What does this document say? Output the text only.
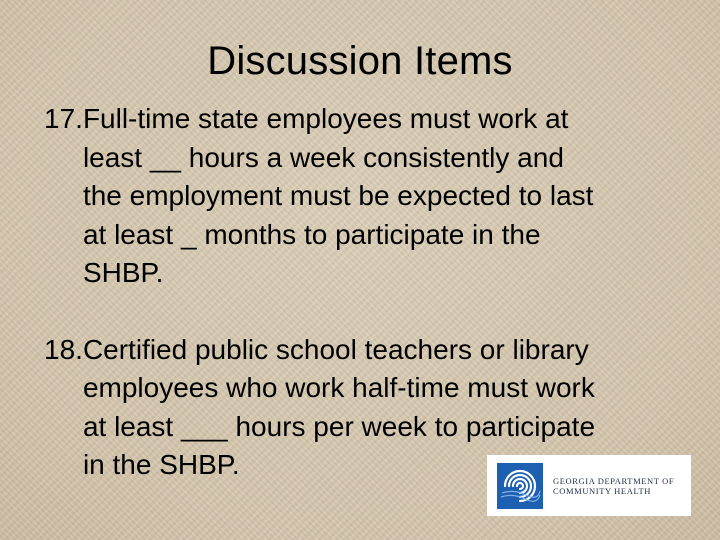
Discussion Items
17. Full-time state employees must work at
least __ hours a week consistently and
the employment must be expected to last
at least _ months to participate in the
SHBP.
18. Certified public school teachers or library
employees who work half-time must work
at least ___ hours per week to participate
in the SHBP.
GEORGIA DEPARTMENT OF
COMMUNITY HEALTH
